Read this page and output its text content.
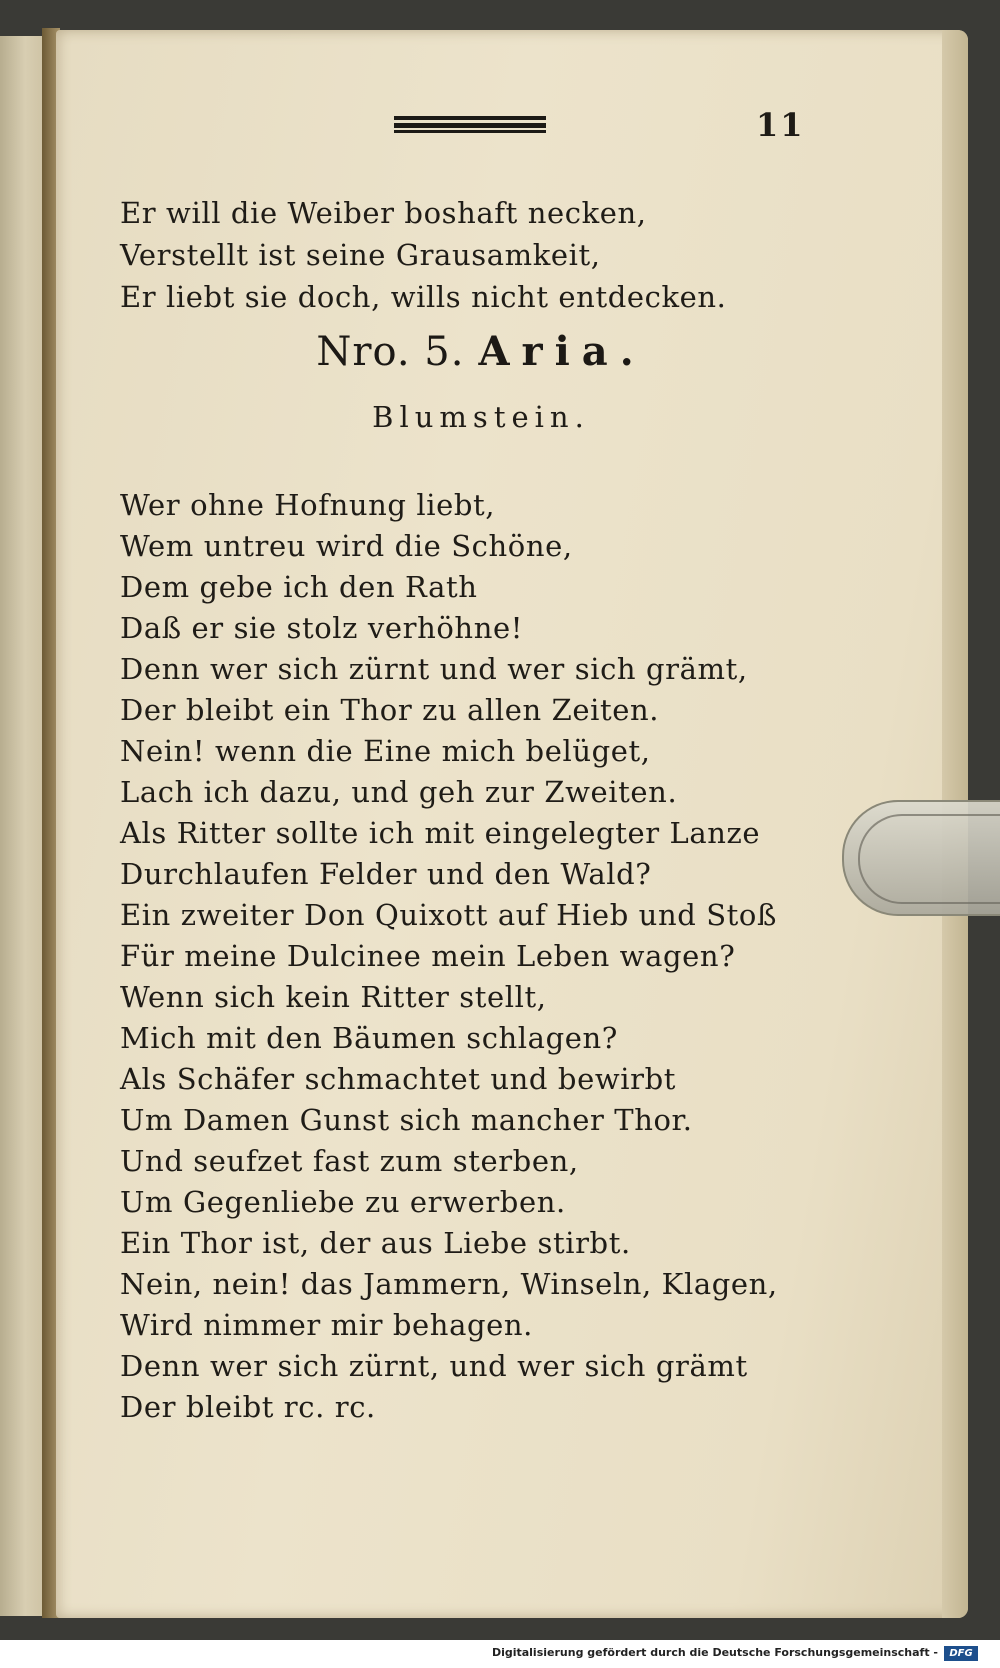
11

Er will die Weiber boshaft necken,

Verstellt ist seine Grausamkeit,

Er liebt sie doch, wills nicht entdecken.

Nro. 5. Aria.
Blumstein.

Wer ohne Hofnung liebt,

Wem untreu wird die Schöne,

Dem gebe ich den Rath

Daß er sie stolz verhöhne!

Denn wer sich zürnt und wer sich grämt,

Der bleibt ein Thor zu allen Zeiten.

Nein! wenn die Eine mich belüget,

Lach ich dazu, und geh zur Zweiten.

Als Ritter sollte ich mit eingelegter Lanze

Durchlaufen Felder und den Wald?

Ein zweiter Don Quixott auf Hieb und Stoß

Für meine Dulcinee mein Leben wagen?

Wenn sich kein Ritter stellt,

Mich mit den Bäumen schlagen?

Als Schäfer schmachtet und bewirbt

Um Damen Gunst sich mancher Thor.

Und seufzet fast zum sterben,

Um Gegenliebe zu erwerben.

Ein Thor ist, der aus Liebe stirbt.

Nein, nein! das Jammern, Winseln, Klagen,

Wird nimmer mir behagen.

Denn wer sich zürnt, und wer sich grämt

Der bleibt rc. rc.

Digitalisierung gefördert durch die Deutsche Forschungsgemeinschaft -	DFG
